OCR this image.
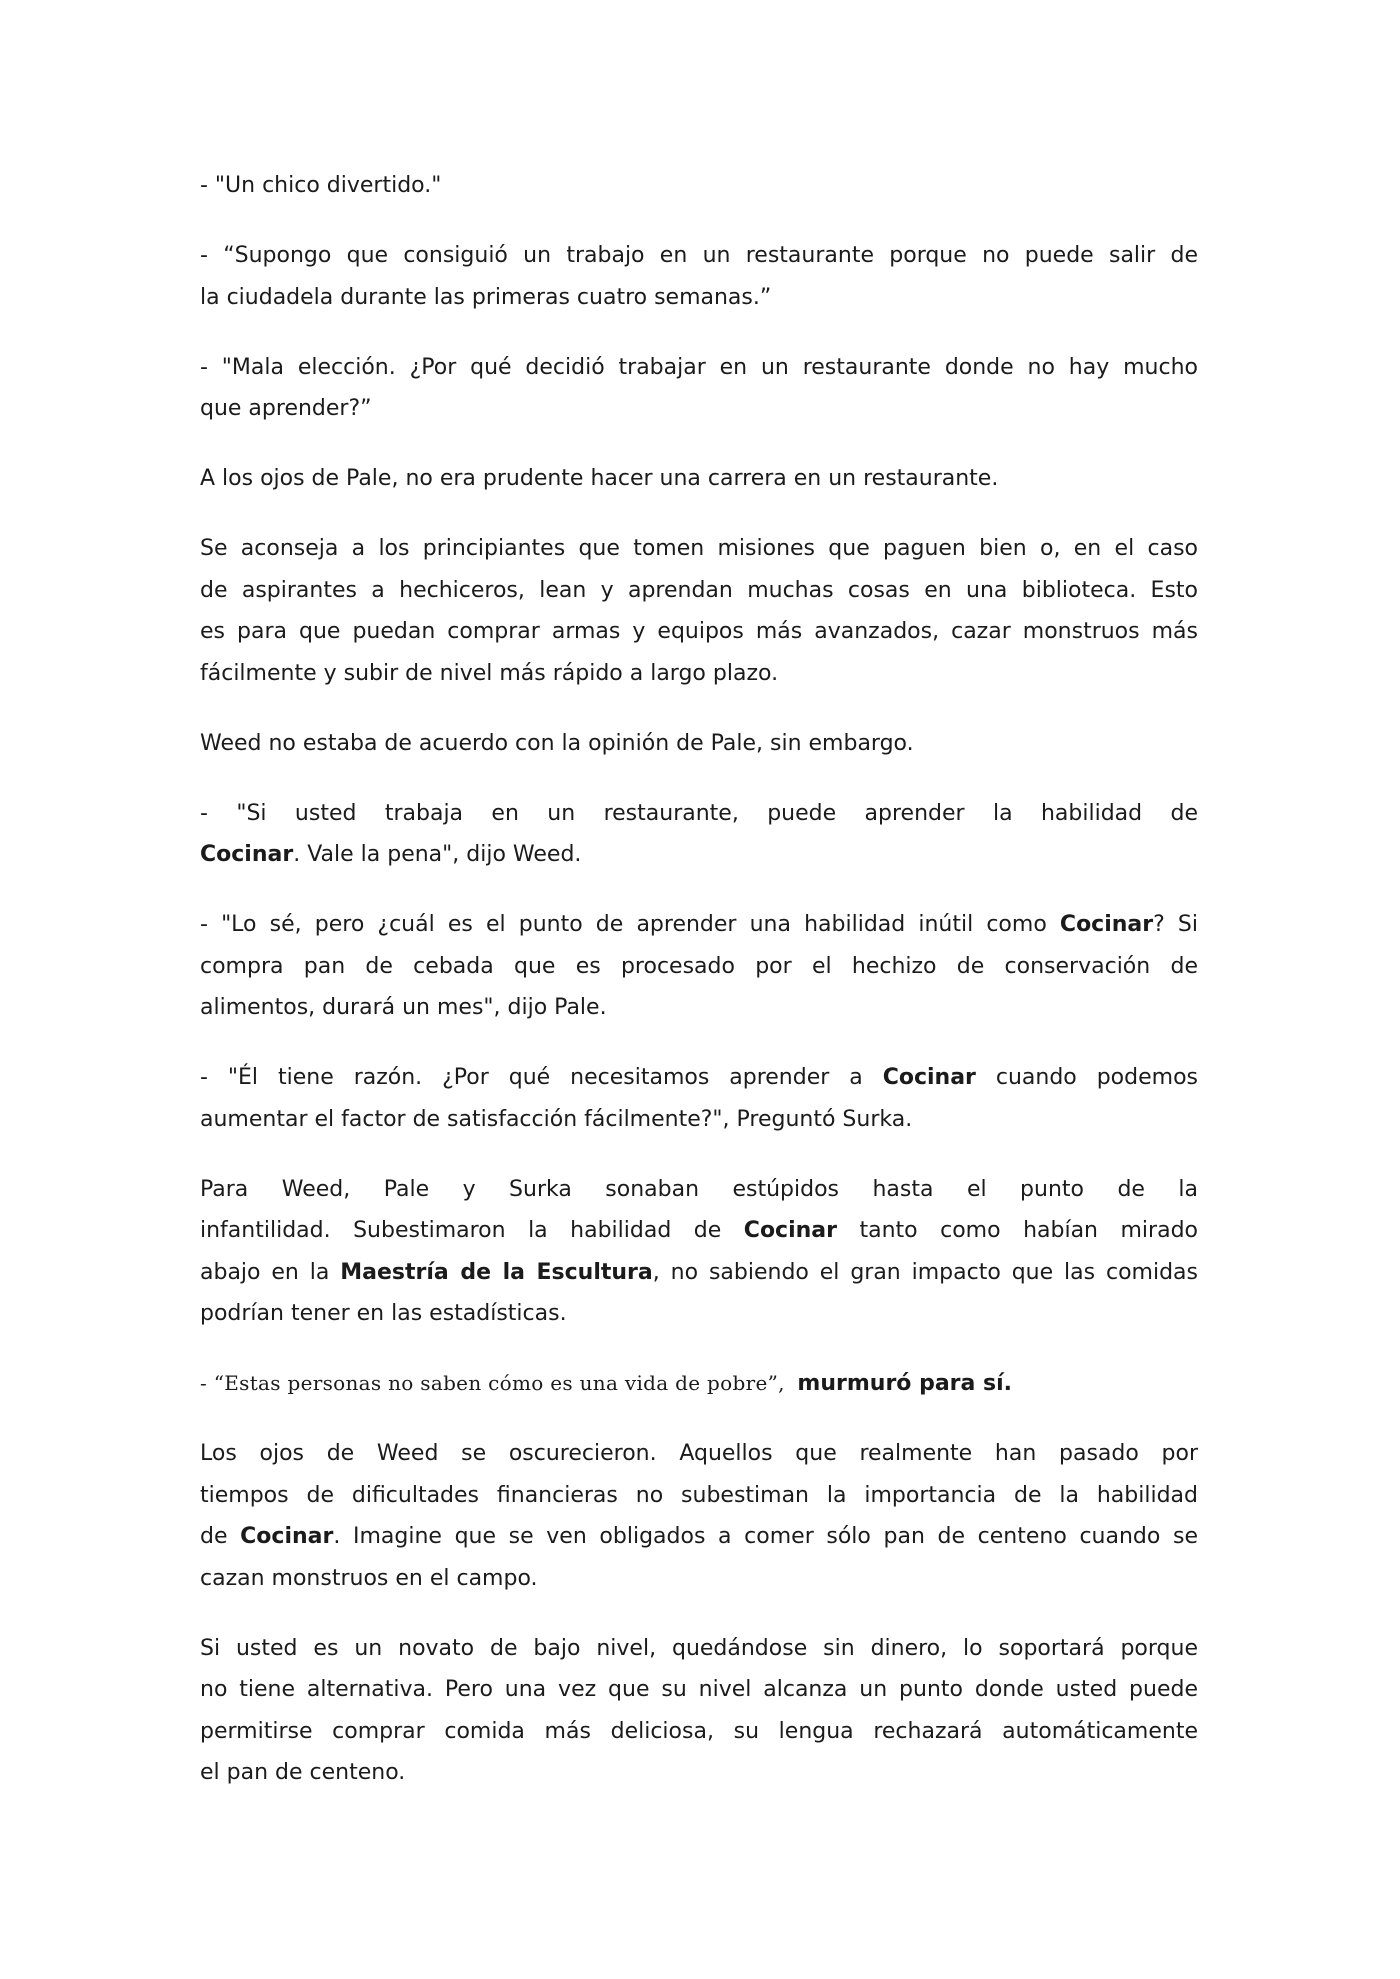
- "Un chico divertido."
- “Supongo que consiguió un trabajo en un restaurante porque no puede salir de
la ciudadela durante las primeras cuatro semanas.”
- "Mala elección. ¿Por qué decidió trabajar en un restaurante donde no hay mucho
que aprender?”
A los ojos de Pale, no era prudente hacer una carrera en un restaurante.
Se aconseja a los principiantes que tomen misiones que paguen bien o, en el caso
de aspirantes a hechiceros, lean y aprendan muchas cosas en una biblioteca. Esto
es para que puedan comprar armas y equipos más avanzados, cazar monstruos más
fácilmente y subir de nivel más rápido a largo plazo.
Weed no estaba de acuerdo con la opinión de Pale, sin embargo.
- "Si usted trabaja en un restaurante, puede aprender la habilidad de
Cocinar. Vale la pena", dijo Weed.
- "Lo sé, pero ¿cuál es el punto de aprender una habilidad inútil como Cocinar? Si
compra pan de cebada que es procesado por el hechizo de conservación de
alimentos, durará un mes", dijo Pale.
- "Él tiene razón. ¿Por qué necesitamos aprender a Cocinar cuando podemos
aumentar el factor de satisfacción fácilmente?", Preguntó Surka.
Para Weed, Pale y Surka sonaban estúpidos hasta el punto de la
infantilidad. Subestimaron la habilidad de Cocinar tanto como habían mirado
abajo en la Maestría de la Escultura, no sabiendo el gran impacto que las comidas
podrían tener en las estadísticas.
- “Estas personas no saben cómo es una vida de pobre”, murmuró para sí.
Los ojos de Weed se oscurecieron. Aquellos que realmente han pasado por
tiempos de dificultades financieras no subestiman la importancia de la habilidad
de Cocinar. Imagine que se ven obligados a comer sólo pan de centeno cuando se
cazan monstruos en el campo.
Si usted es un novato de bajo nivel, quedándose sin dinero, lo soportará porque
no tiene alternativa. Pero una vez que su nivel alcanza un punto donde usted puede
permitirse comprar comida más deliciosa, su lengua rechazará automáticamente
el pan de centeno.
